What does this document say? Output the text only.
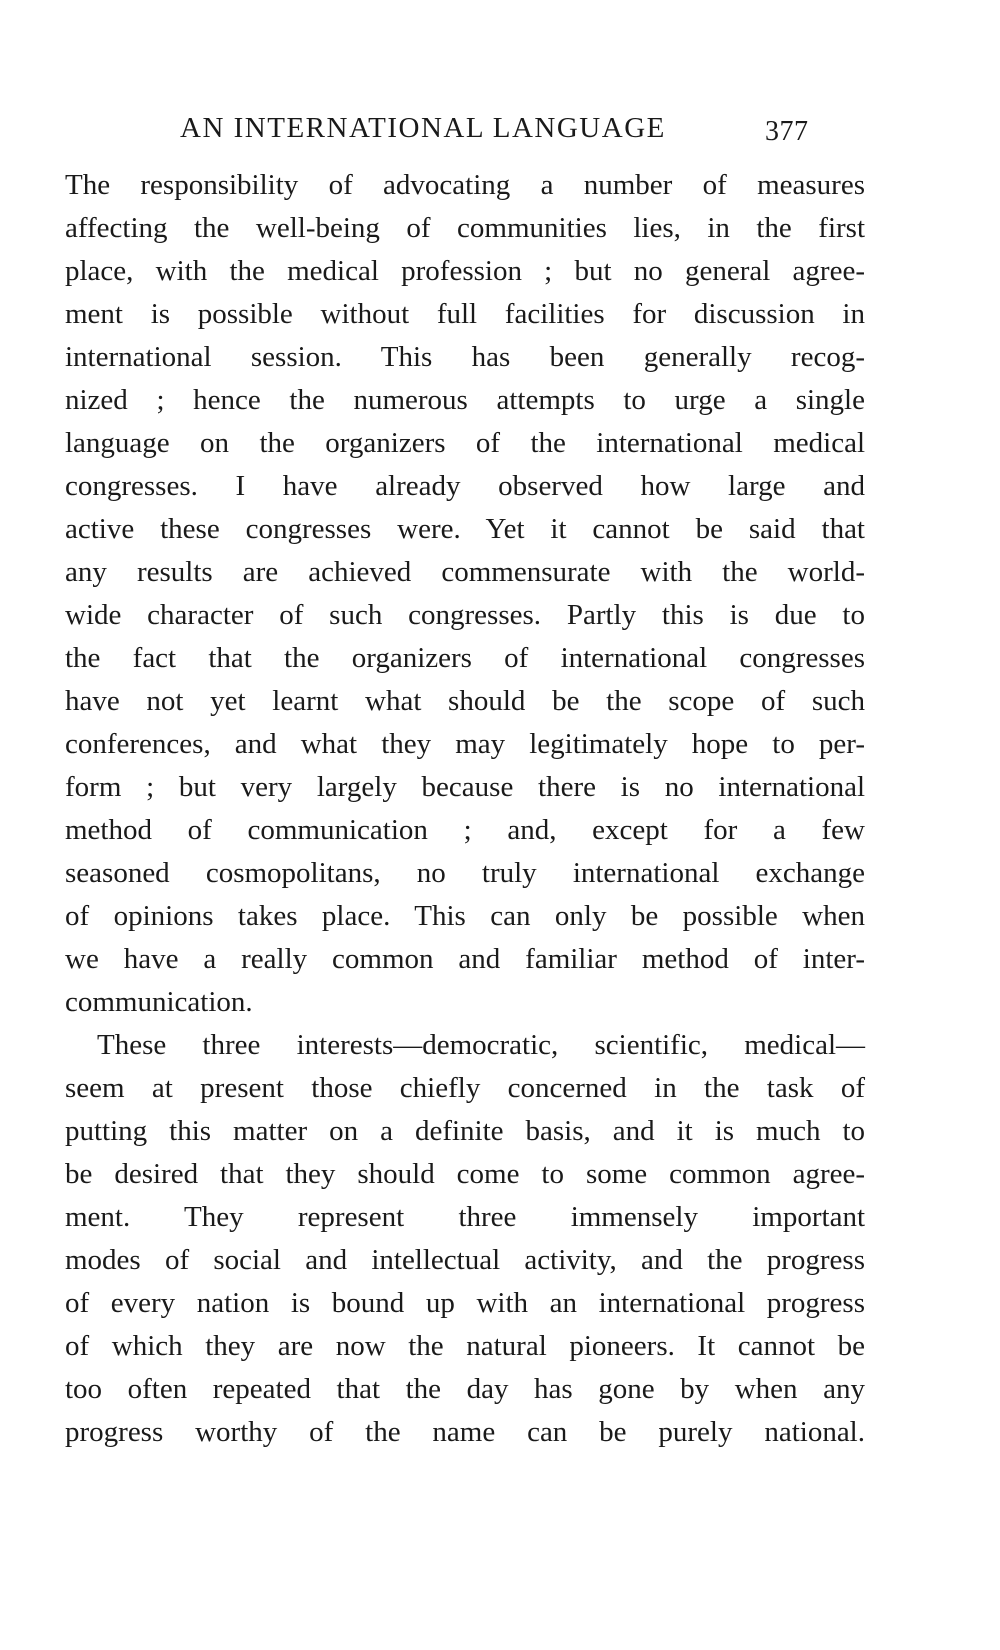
AN INTERNATIONAL LANGUAGE	377
The responsibility of advocating a number of measures
affecting the well-being of communities lies, in the first
place, with the medical profession ; but no general agree-
ment is possible without full facilities for discussion in
international session. This has been generally recog-
nized ; hence the numerous attempts to urge a single
language on the organizers of the international medical
congresses. I have already observed how large and
active these congresses were. Yet it cannot be said that
any results are achieved commensurate with the world-
wide character of such congresses. Partly this is due to
the fact that the organizers of international congresses
have not yet learnt what should be the scope of such
conferences, and what they may legitimately hope to per-
form ; but very largely because there is no international
method of communication ; and, except for a few
seasoned cosmopolitans, no truly international exchange
of opinions takes place. This can only be possible when
we have a really common and familiar method of inter-
communication.
These three interests—democratic, scientific, medical—
seem at present those chiefly concerned in the task of
putting this matter on a definite basis, and it is much to
be desired that they should come to some common agree-
ment. They represent three immensely important
modes of social and intellectual activity, and the progress
of every nation is bound up with an international progress
of which they are now the natural pioneers. It cannot be
too often repeated that the day has gone by when any
progress worthy of the name can be purely national.
